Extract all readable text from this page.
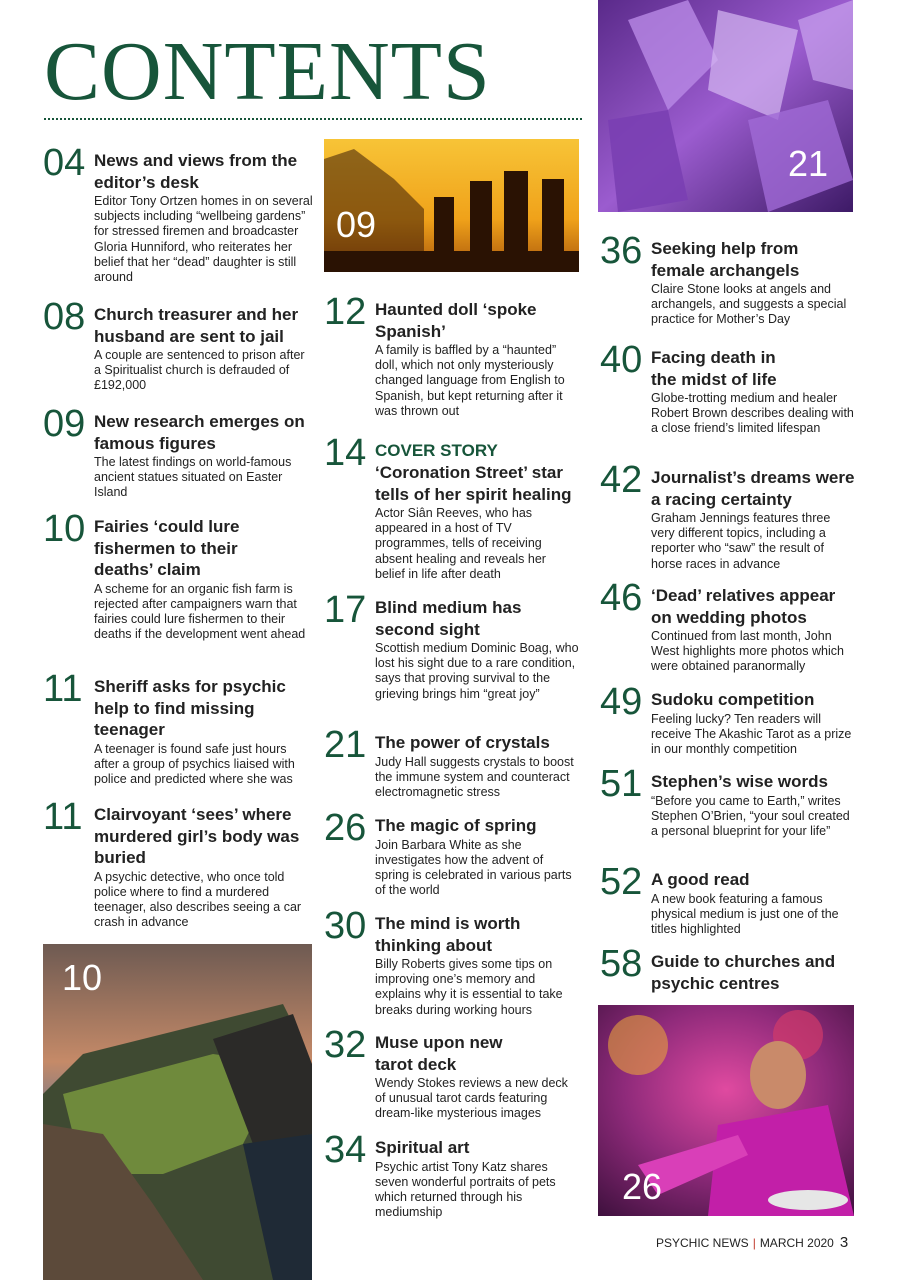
CONTENTS
21
09
10
26
04 News and views from the editor’s desk
Editor Tony Ortzen homes in on several subjects including “wellbeing gardens” for stressed firemen and broadcaster Gloria Hunniford, who reiterates her belief that her “dead” daughter is still around
08 Church treasurer and her husband are sent to jail
A couple are sentenced to prison after a Spiritualist church is defrauded of £192,000
09 New research emerges on famous figures
The latest findings on world-famous ancient statues situated on Easter Island
10 Fairies ‘could lure fishermen to their deaths’ claim
A scheme for an organic fish farm is rejected after campaigners warn that fairies could lure fishermen to their deaths if the development went ahead
11 Sheriff asks for psychic help to find missing teenager
A teenager is found safe just hours after a group of psychics liaised with police and predicted where she was
11 Clairvoyant ‘sees’ where murdered girl’s body was buried
A psychic detective, who once told police where to find a murdered teenager, also describes seeing a car crash in advance
12 Haunted doll ‘spoke Spanish’
A family is baffled by a “haunted” doll, which not only mysteriously changed language from English to Spanish, but kept returning after it was thrown out
14 COVER STORY
‘Coronation Street’ star tells of her spirit healing
Actor Siân Reeves, who has appeared in a host of TV programmes, tells of receiving absent healing and reveals her belief in life after death
17 Blind medium has second sight
Scottish medium Dominic Boag, who lost his sight due to a rare condition, says that proving survival to the grieving brings him “great joy”
21 The power of crystals
Judy Hall suggests crystals to boost the immune system and counteract electromagnetic stress
26 The magic of spring
Join Barbara White as she investigates how the advent of spring is celebrated in various parts of the world
30 The mind is worth thinking about
Billy Roberts gives some tips on improving one’s memory and explains why it is essential to take breaks during working hours
32 Muse upon new tarot deck
Wendy Stokes reviews a new deck of unusual tarot cards featuring dream-like mysterious images
34 Spiritual art
Psychic artist Tony Katz shares seven wonderful portraits of pets which returned through his mediumship
36 Seeking help from female archangels
Claire Stone looks at angels and archangels, and suggests a special practice for Mother’s Day
40 Facing death in the midst of life
Globe-trotting medium and healer Robert Brown describes dealing with a close friend’s limited lifespan
42 Journalist’s dreams were a racing certainty
Graham Jennings features three very different topics, including a reporter who “saw” the result of horse races in advance
46 ‘Dead’ relatives appear on wedding photos
Continued from last month, John West highlights more photos which were obtained paranormally
49 Sudoku competition
Feeling lucky? Ten readers will receive The Akashic Tarot as a prize in our monthly competition
51 Stephen’s wise words
“Before you came to Earth,” writes Stephen O’Brien, “your soul created a personal blueprint for your life”
52 A good read
A new book featuring a famous physical medium is just one of the titles highlighted
58 Guide to churches and psychic centres
PSYCHIC NEWS | MARCH 2020 3
